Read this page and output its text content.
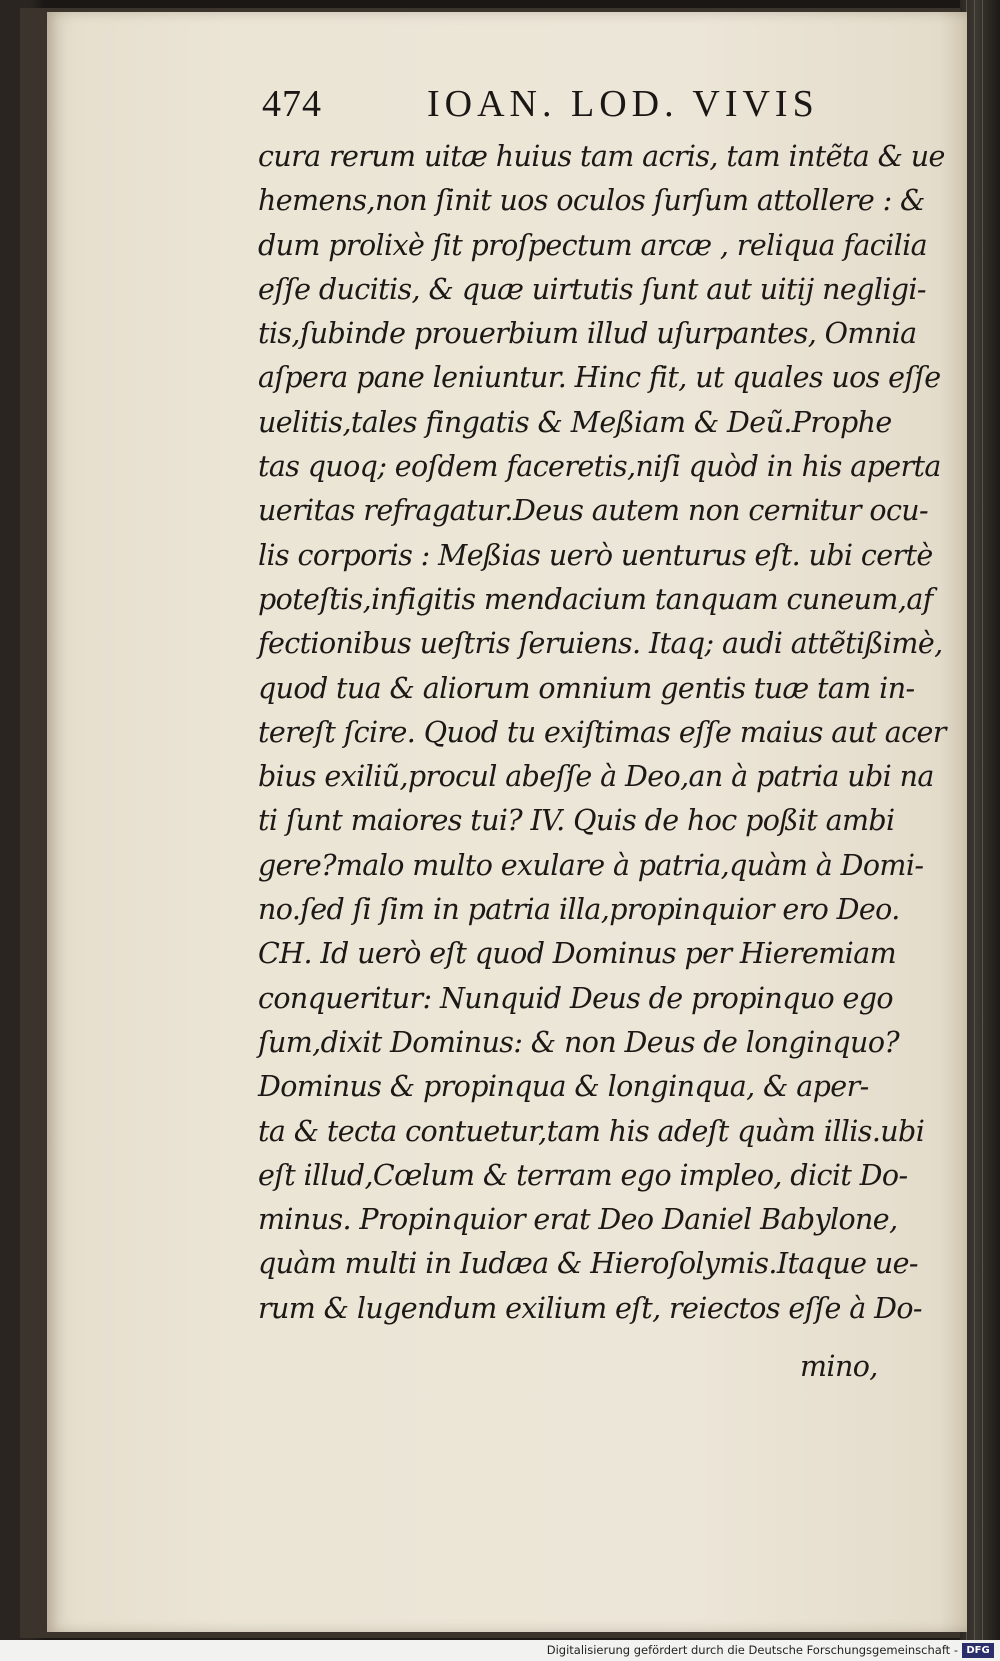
474	IOAN. LOD. VIVIS
cura rerum uitæ huius tam acris, tam intẽta & ue
hemens,non ſinit uos oculos ſurſum attollere : &
dum prolixè ſit proſpectum arcæ , reliqua facilia
eſſe ducitis, & quæ uirtutis ſunt aut uitij negligi-
tis,ſubinde prouerbium illud uſurpantes, Omnia
aſpera pane leniuntur. Hinc fit, ut quales uos eſſe
uelitis,tales fingatis & Meßiam & Deũ.Prophe
tas quoq; eoſdem faceretis,niſi quòd in his aperta
ueritas refragatur.Deus autem non cernitur ocu-
lis corporis : Meßias uerò uenturus eſt. ubi certè
poteſtis,infigitis mendacium tanquam cuneum,af
fectionibus ueſtris ſeruiens. Itaq; audi attẽtißimè,
quod tua & aliorum omnium gentis tuæ tam in-
tereſt ſcire. Quod tu exiſtimas eſſe maius aut acer
bius exiliũ,procul abeſſe à Deo,an à patria ubi na
ti ſunt maiores tui? IV. Quis de hoc poßit ambi
gere?malo multo exulare à patria,quàm à Domi-
no.ſed ſi ſim in patria illa,propinquior ero Deo.
CH. Id uerò eſt quod Dominus per Hieremiam
conqueritur: Nunquid Deus de propinquo ego
ſum,dixit Dominus: & non Deus de longinquo?
Dominus & propinqua & longinqua, & aper-
ta & tecta contuetur,tam his adeſt quàm illis.ubi
eſt illud,Cœlum & terram ego impleo, dicit Do-
minus. Propinquior erat Deo Daniel Babylone,
quàm multi in Iudæa & Hieroſolymis.Itaque ue-
rum & lugendum exilium eſt, reiectos eſſe à Do-
mino,
Digitalisierung gefördert durch die Deutsche Forschungsgemeinschaft - DFG
